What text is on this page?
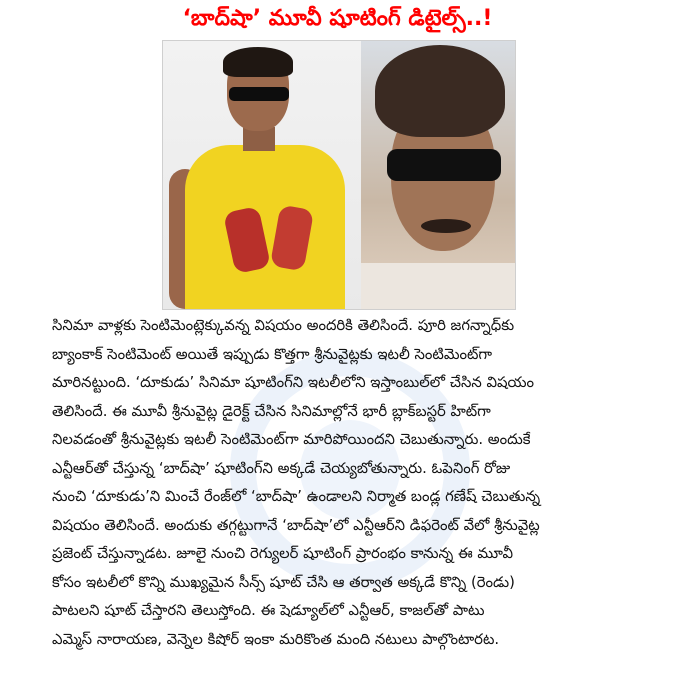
‘బాద్‌షా’ మూవీ షూటింగ్ డిటైల్స్..!
సినిమా వాళ్లకు సెంటిమెంట్లెక్కువన్న విషయం అందరికి తెలిసిందే. పూరి జగన్నాధ్‌కు
బ్యాంకాక్ సెంటిమెంట్ అయితే ఇప్పుడు కొత్తగా శ్రీనువైట్లకు ఇటలీ సెంటిమెంట్‌గా
మారినట్టుంది. ‘దూకుడు’ సినిమా షూటింగ్‌ని ఇటలీలోని ఇస్తాంబుల్‌లో చేసిన విషయం
తెలిసిందే. ఈ మూవీ శ్రీనువైట్ల డైరెక్ట్ చేసిన సినిమాల్లోనే భారీ బ్లాక్‌బస్టర్ హిట్‌గా
నిలవడంతో శ్రీనువైట్లకు ఇటలీ సెంటిమెంట్‌గా మారిపోయిందని చెబుతున్నారు. అందుకే
ఎన్టీఆర్‌తో చేస్తున్న ‘బాద్‌షా’ షూటింగ్‌ని అక్కడే చెయ్యబోతున్నారు. ఓపెనింగ్ రోజు
నుంచి ‘దూకుడు’ని మించే రేంజ్‌లో ‘బాద్‌షా’ ఉండాలని నిర్మాత బండ్ల గణేష్ చెబుతున్న
విషయం తెలిసిందే. అందుకు తగ్గట్టుగానే ‘బాద్‌షా’లో ఎన్టీఆర్‌ని డిఫరెంట్ వేలో శ్రీనువైట్ల
ప్రజెంట్ చేస్తున్నాడట. జూలై నుంచి రెగ్యులర్ షూటింగ్ ప్రారంభం కానున్న ఈ మూవీ
కోసం ఇటలీలో కొన్ని ముఖ్యమైన సీన్స్ షూట్ చేసి ఆ తర్వాత అక్కడే కొన్ని (రెండు)
పాటలని షూట్ చేస్తారని తెలుస్తోంది. ఈ షెడ్యూల్‌లో ఎన్టీఆర్, కాజల్‌తో పాటు
ఎమ్మెస్ నారాయణ, వెన్నెల కిషోర్ ఇంకా మరికొంత మంది నటులు పాల్గొంటారట.
